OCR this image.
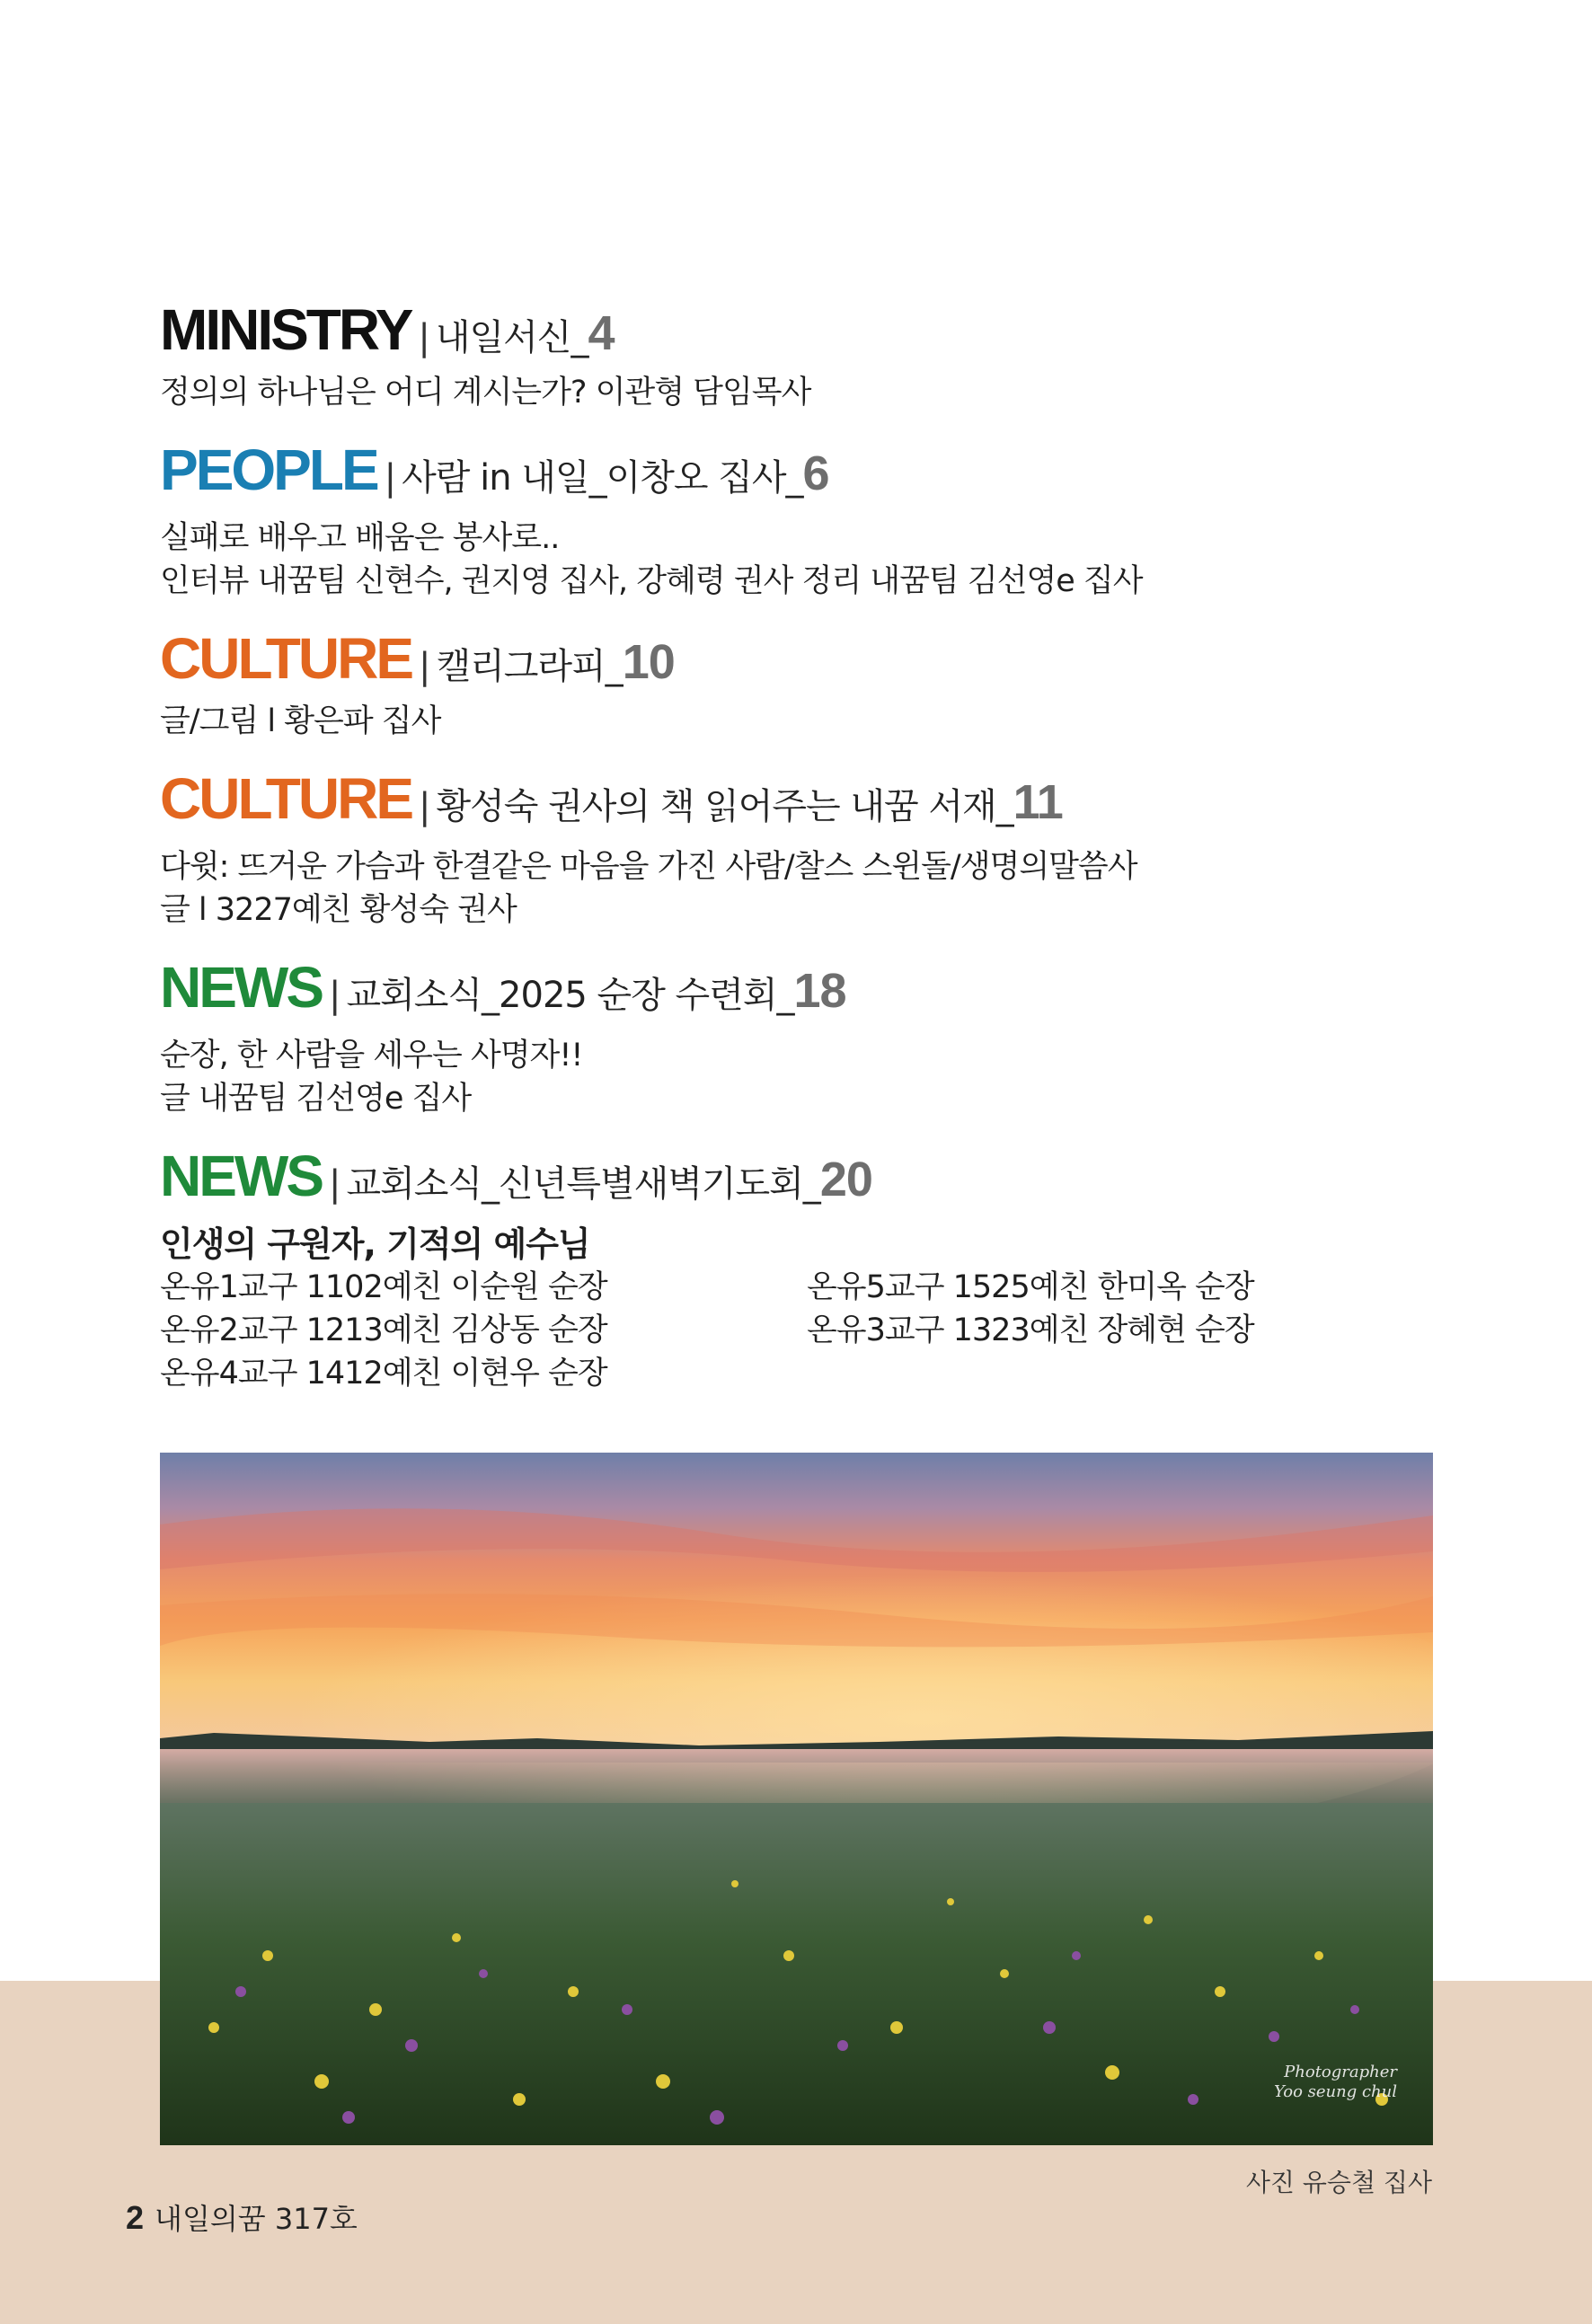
MINISTRY | 내일서신_4
정의의 하나님은 어디 계시는가? 이관형 담임목사
PEOPLE | 사람 in 내일_이창오 집사_6
실패로 배우고 배움은 봉사로..
인터뷰 내꿈팀 신현수, 권지영 집사, 강혜령 권사 정리 내꿈팀 김선영e 집사
CULTURE | 캘리그라피_10
글/그림 l 황은파 집사
CULTURE | 황성숙 권사의 책 읽어주는 내꿈 서재_11
다윗: 뜨거운 가슴과 한결같은 마음을 가진 사람/찰스 스윈돌/생명의말씀사
글 l 3227예친 황성숙 권사
NEWS | 교회소식_2025 순장 수련회_18
순장, 한 사람을 세우는 사명자!!
글 내꿈팀 김선영e 집사
NEWS | 교회소식_신년특별새벽기도회_20
인생의 구원자, 기적의 예수님
온유1교구 1102예친 이순원 순장
온유2교구 1213예친 김상동 순장
온유4교구 1412예친 이현우 순장
온유5교구 1525예친 한미옥 순장
온유3교구 1323예친 장혜현 순장
Photographer
Yoo seung chul
사진 유승철 집사
2 내일의꿈 317호
